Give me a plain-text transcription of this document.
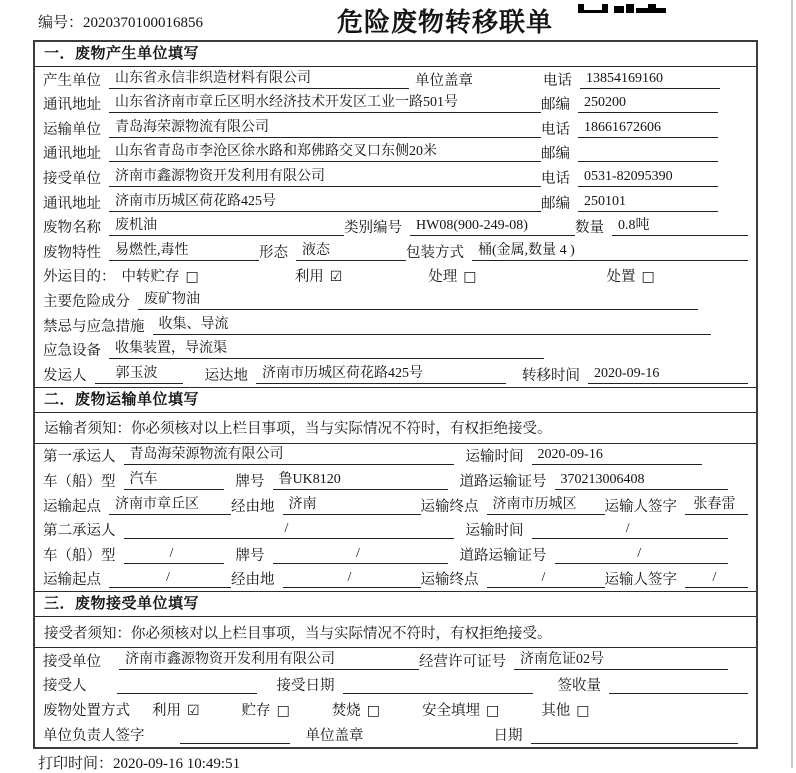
编号：2020370100016856	危险废物转移联单
一．废物产生单位填写
产生单位	山东省永信非织造材料有限公司	单位盖章	电话	13854169160
通讯地址	山东省济南市章丘区明水经济技术开发区工业一路501号	邮编	250200
运输单位	青岛海荣源物流有限公司	电话	18661672606
通讯地址	山东省青岛市李沧区徐水路和郑佛路交叉口东侧20米	邮编
接受单位	济南市鑫源物资开发利用有限公司	电话	0531-82095390
通讯地址	济南市历城区荷花路425号	邮编	250101
废物名称	废机油	类别编号	HW08(900-249-08)	数量	0.8吨
废物特性	易燃性,毒性	形态	液态	包装方式	桶(金属,数量 4 )
外运目的： 中转贮存 □	利用 ☑	处理 □	处置 □
主要危险成分	废矿物油
禁忌与应急措施	收集、导流
应急设备	收集装置，导流渠
发运人	郭玉波	运达地	济南市历城区荷花路425号	转移时间	2020-09-16
二．废物运输单位填写
运输者须知：你必须核对以上栏目事项，当与实际情况不符时，有权拒绝接受。
第一承运人	青岛海荣源物流有限公司	运输时间	2020-09-16
车（船）型	汽车	牌号	鲁UK8120	道路运输证号	370213006408
运输起点	济南市章丘区	经由地	济南	运输终点	济南市历城区	运输人签字	张春雷
第二承运人	/	运输时间	/
车（船）型	/	牌号	/	道路运输证号	/
运输起点	/	经由地	/	运输终点	/	运输人签字	/
三．废物接受单位填写
接受者须知：你必须核对以上栏目事项，当与实际情况不符时，有权拒绝接受。
接受单位	济南市鑫源物资开发利用有限公司	经营许可证号	济南危证02号
接受人	接受日期	签收量
废物处置方式 利用 ☑	贮存 □	焚烧 □	安全填埋 □	其他 □
单位负责人签字	单位盖章	日期
打印时间：2020-09-16 10:49:51
